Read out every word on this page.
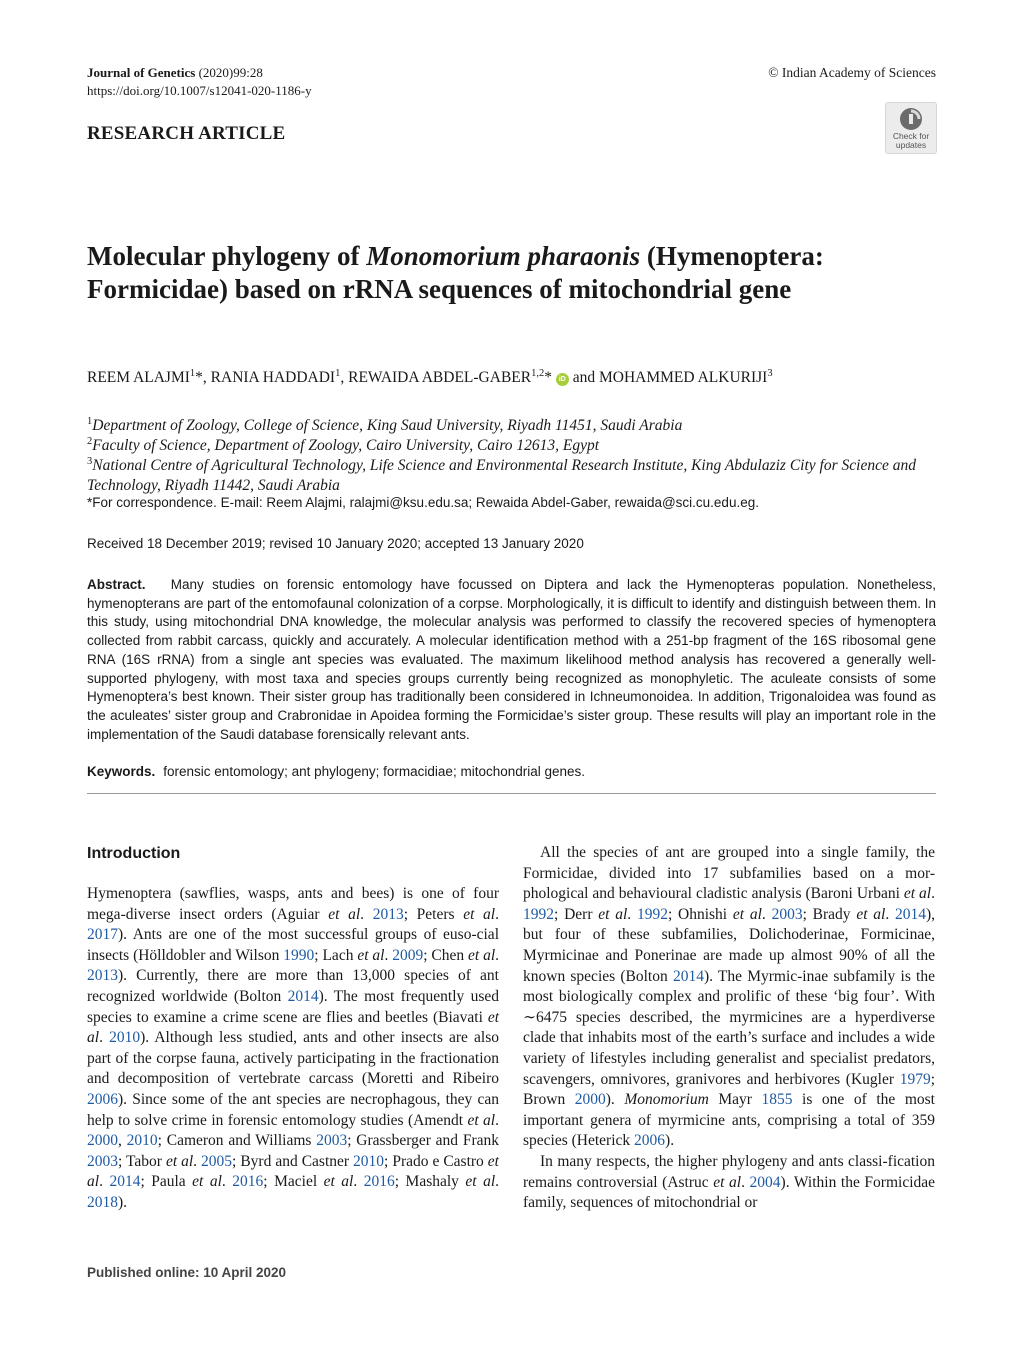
Journal of Genetics (2020)99:28
https://doi.org/10.1007/s12041-020-1186-y
© Indian Academy of Sciences
RESEARCH ARTICLE	Check for
updates
Molecular phylogeny of Monomorium pharaonis (Hymenoptera: Formicidae) based on rRNA sequences of mitochondrial gene
REEM ALAJMI$^1$*, RANIA HADDADI$^1$, REWAIDA ABDEL-GABER$^{1,2}$* iD and MOHAMMED ALKURIJI$^3$
$^1$Department of Zoology, College of Science, King Saud University, Riyadh 11451, Saudi Arabia
$^2$Faculty of Science, Department of Zoology, Cairo University, Cairo 12613, Egypt
$^3$National Centre of Agricultural Technology, Life Science and Environmental Research Institute, King Abdulaziz City for Science and Technology, Riyadh 11442, Saudi Arabia
*For correspondence. E-mail: Reem Alajmi, ralajmi@ksu.edu.sa; Rewaida Abdel-Gaber, rewaida@sci.cu.edu.eg.
Received 18 December 2019; revised 10 January 2020; accepted 13 January 2020
Abstract. Many studies on forensic entomology have focussed on Diptera and lack the Hymenopteras population. Nonetheless, hymenopterans are part of the entomofaunal colonization of a corpse. Morphologically, it is difficult to identify and distinguish between them. In this study, using mitochondrial DNA knowledge, the molecular analysis was performed to classify the recovered species of hymenoptera collected from rabbit carcass, quickly and accurately. A molecular identification method with a 251-bp fragment of the 16S ribosomal gene RNA (16S rRNA) from a single ant species was evaluated. The maximum likelihood method analysis has recovered a generally well-supported phylogeny, with most taxa and species groups currently being recognized as monophyletic. The aculeate consists of some Hymenoptera’s best known. Their sister group has traditionally been considered in Ichneumonoidea. In addition, Trigonaloidea was found as the aculeates’ sister group and Crabronidae in Apoidea forming the Formicidae’s sister group. These results will play an important role in the implementation of the Saudi database forensically relevant ants.
Keywords. forensic entomology; ant phylogeny; formacidiae; mitochondrial genes.
Introduction

Hymenoptera (sawflies, wasps, ants and bees) is one of four mega-diverse insect orders (Aguiar et al. 2013; Peters et al. 2017). Ants are one of the most successful groups of euso-cial insects (Hölldobler and Wilson 1990; Lach et al. 2009; Chen et al. 2013). Currently, there are more than 13,000 species of ant recognized worldwide (Bolton 2014). The most frequently used species to examine a crime scene are flies and beetles (Biavati et al. 2010). Although less studied, ants and other insects are also part of the corpse fauna, actively participating in the fractionation and decomposition of vertebrate carcass (Moretti and Ribeiro 2006). Since some of the ant species are necrophagous, they can help to solve crime in forensic entomology studies (Amendt et al. 2000, 2010; Cameron and Williams 2003; Grassberger and Frank 2003; Tabor et al. 2005; Byrd and Castner 2010; Prado e Castro et al. 2014; Paula et al. 2016; Maciel et al. 2016; Mashaly et al. 2018).

All the species of ant are grouped into a single family, the Formicidae, divided into 17 subfamilies based on a mor-phological and behavioural cladistic analysis (Baroni Urbani et al. 1992; Derr et al. 1992; Ohnishi et al. 2003; Brady et al. 2014), but four of these subfamilies, Dolichoderinae, Formicinae, Myrmicinae and Ponerinae are made up almost 90% of all the known species (Bolton 2014). The Myrmic-inae subfamily is the most biologically complex and prolific of these ‘big four’. With ∼6475 species described, the myrmicines are a hyperdiverse clade that inhabits most of the earth’s surface and includes a wide variety of lifestyles including generalist and specialist predators, scavengers, omnivores, granivores and herbivores (Kugler 1979; Brown 2000). Monomorium Mayr 1855 is one of the most important genera of myrmicine ants, comprising a total of 359 species (Heterick 2006).

In many respects, the higher phylogeny and ants classi-fication remains controversial (Astruc et al. 2004). Within the Formicidae family, sequences of mitochondrial or

Published online: 10 April 2020
